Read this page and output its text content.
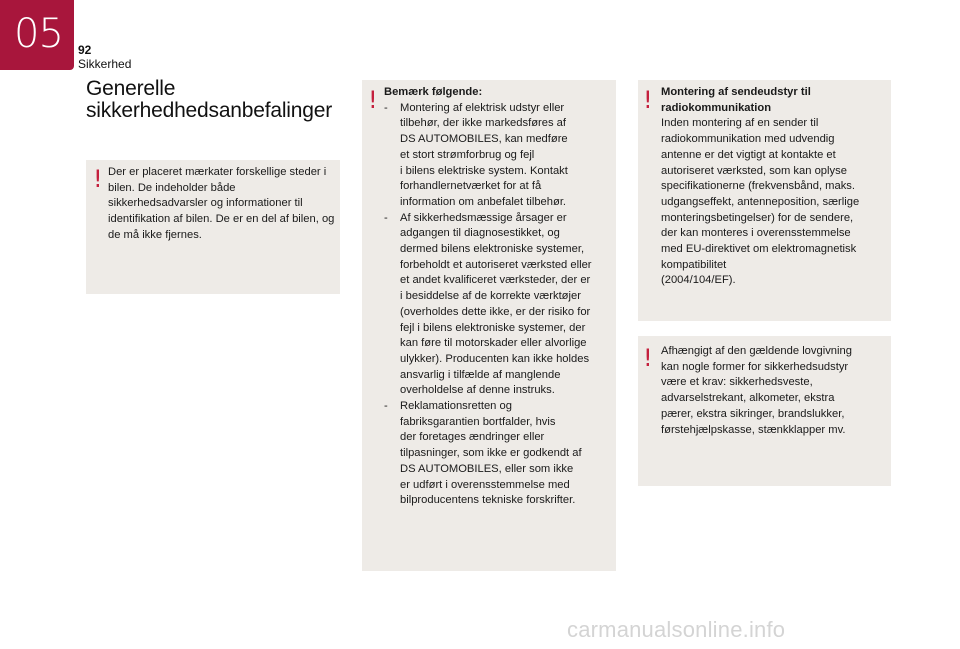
05 92
Sikkerhed
Generelle
sikkerhedhedsanbefalinger
! Der er placeret mærkater forskellige steder i bilen. De indeholder både sikkerhedsadvarsler og informationer til identifikation af bilen. De er en del af bilen, og de må ikke fjernes.
! Bemærk følgende:

- Montering af elektrisk udstyr eller

tilbehør, der ikke markedsføres af

DS AUTOMOBILES, kan medføre

et stort strømforbrug og fejl

i bilens elektriske system. Kontakt

forhandlernetværket for at få

information om anbefalet tilbehør.

- Af sikkerhedsmæssige årsager er

adgangen til diagnosestikket, og

dermed bilens elektroniske systemer,

forbeholdt et autoriseret værksted eller

et andet kvalificeret værksteder, der er

i besiddelse af de korrekte værktøjer

(overholdes dette ikke, er der risiko for

fejl i bilens elektroniske systemer, der

kan føre til motorskader eller alvorlige

ulykker). Producenten kan ikke holdes

ansvarlig i tilfælde af manglende

overholdelse af denne instruks.

- Reklamationsretten og

fabriksgarantien bortfalder, hvis

der foretages ændringer eller

tilpasninger, som ikke er godkendt af

DS AUTOMOBILES, eller som ikke

er udført i overensstemmelse med

bilproducentens tekniske forskrifter.

! Montering af sendeudstyr til

radiokommunikation

Inden montering af en sender til

radiokommunikation med udvendig

antenne er det vigtigt at kontakte et

autoriseret værksted, som kan oplyse

specifikationerne (frekvensbånd, maks.

udgangseffekt, antenneposition, særlige

monteringsbetingelser) for de sendere,

der kan monteres i overensstemmelse

med EU-direktivet om elektromagnetisk

kompatibilitet

(2004/104/EF).

! Afhængigt af den gældende lovgivning

kan nogle former for sikkerhedsudstyr

være et krav: sikkerhedsveste,

advarselstrekant, alkometer, ekstra

pærer, ekstra sikringer, brandslukker,

førstehjælpskasse, stænkklapper mv.

carmanualsonline.info
